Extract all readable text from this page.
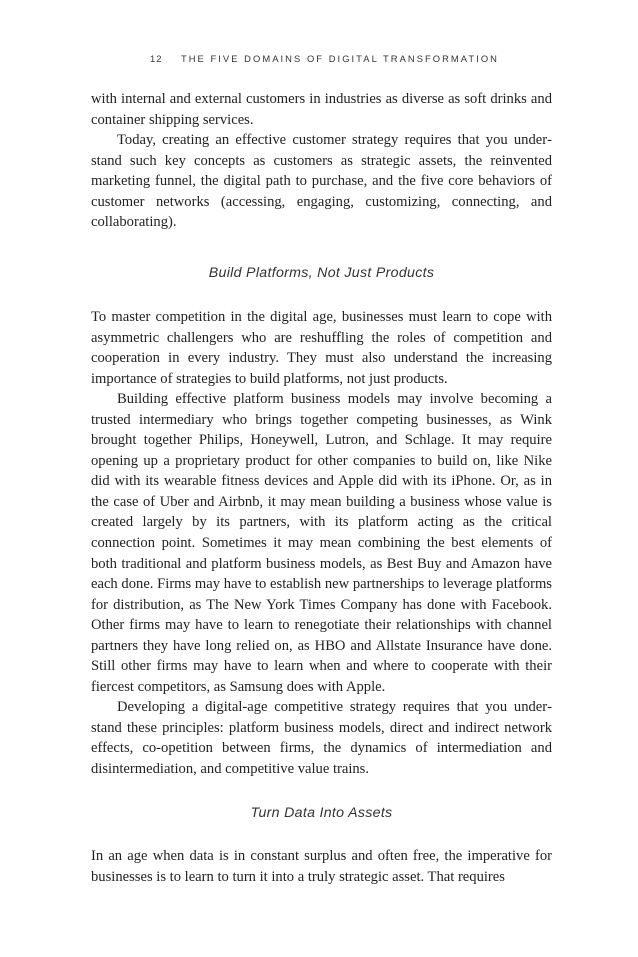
12 THE FIVE DOMAINS OF DIGITAL TRANSFORMATION

with internal and external customers in industries as diverse as soft drinks and container shipping services.

Today, creating an effective customer strategy requires that you understand such key concepts as customers as strategic assets, the reinvented marketing funnel, the digital path to purchase, and the five core behaviors of customer networks (accessing, engaging, customizing, connecting, and collaborating).

Build Platforms, Not Just Products

To master competition in the digital age, businesses must learn to cope with asymmetric challengers who are reshuffling the roles of competition and cooperation in every industry. They must also understand the increasing importance of strategies to build platforms, not just products.

Building effective platform business models may involve becoming a trusted intermediary who brings together competing businesses, as Wink brought together Philips, Honeywell, Lutron, and Schlage. It may require opening up a proprietary product for other companies to build on, like Nike did with its wearable fitness devices and Apple did with its iPhone. Or, as in the case of Uber and Airbnb, it may mean building a business whose value is created largely by its partners, with its platform acting as the critical connection point. Sometimes it may mean combining the best elements of both traditional and platform business models, as Best Buy and Amazon have each done. Firms may have to establish new partnerships to leverage platforms for distribution, as The New York Times Company has done with Facebook. Other firms may have to learn to renegotiate their relationships with channel partners they have long relied on, as HBO and Allstate Insurance have done. Still other firms may have to learn when and where to cooperate with their fiercest competitors, as Samsung does with Apple.

Developing a digital-age competitive strategy requires that you understand these principles: platform business models, direct and indirect network effects, co-opetition between firms, the dynamics of intermediation and disintermediation, and competitive value trains.

Turn Data Into Assets

In an age when data is in constant surplus and often free, the imperative for businesses is to learn to turn it into a truly strategic asset. That requires
